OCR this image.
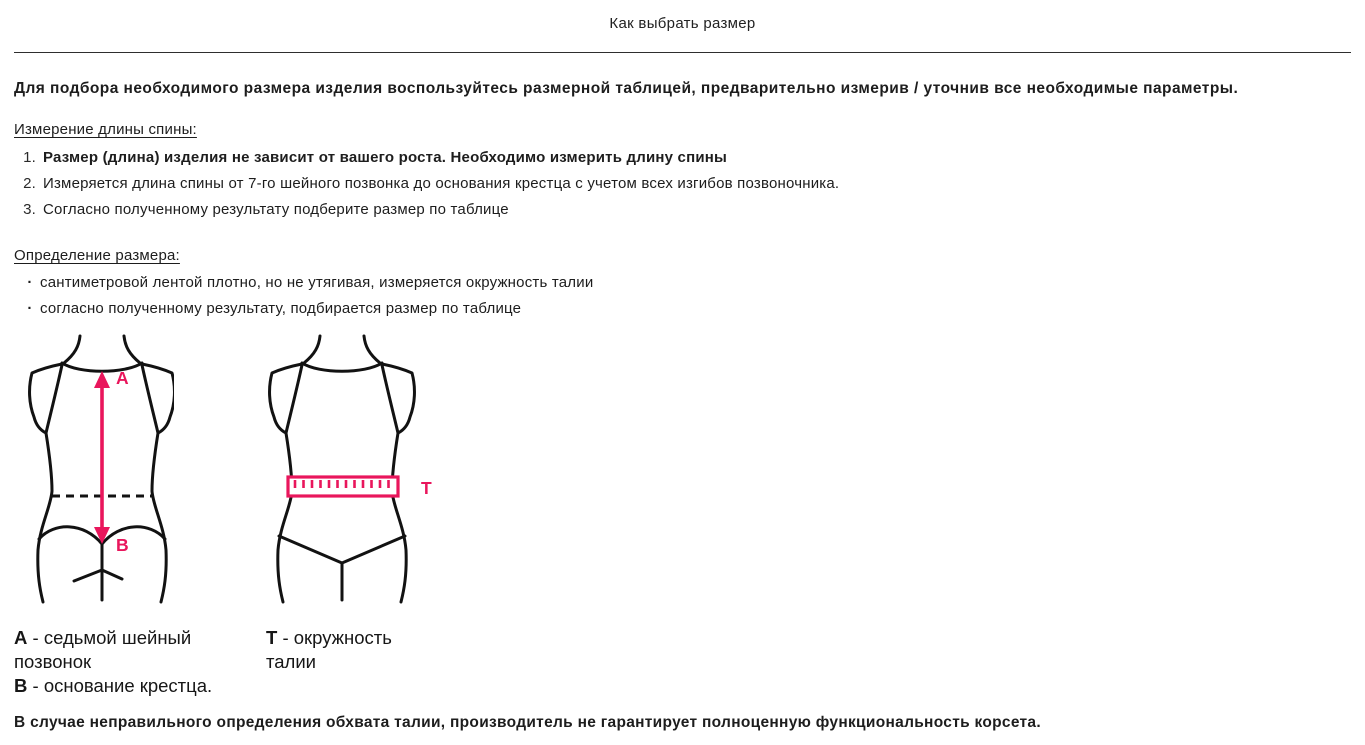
Как выбрать размер
Для подбора необходимого размера изделия воспользуйтесь размерной таблицей, предварительно измерив / уточнив все необходимые параметры.
Измерение длины спины:
1. Размер (длина) изделия не зависит от вашего роста. Необходимо измерить длину спины
2. Измеряется длина спины от 7-го шейного позвонка до основания крестца с учетом всех изгибов позвоночника.
3. Согласно полученному результату подберите размер по таблице
Определение размера:
· сантиметровой лентой плотно, но не утягивая, измеряется окружность талии
· согласно полученному результату, подбирается размер по таблице
A
B
T
A - седьмой шейный позвонок
B - основание крестца.
T - окружность талии
В случае неправильного определения обхвата талии, производитель не гарантирует полноценную функциональность корсета.
